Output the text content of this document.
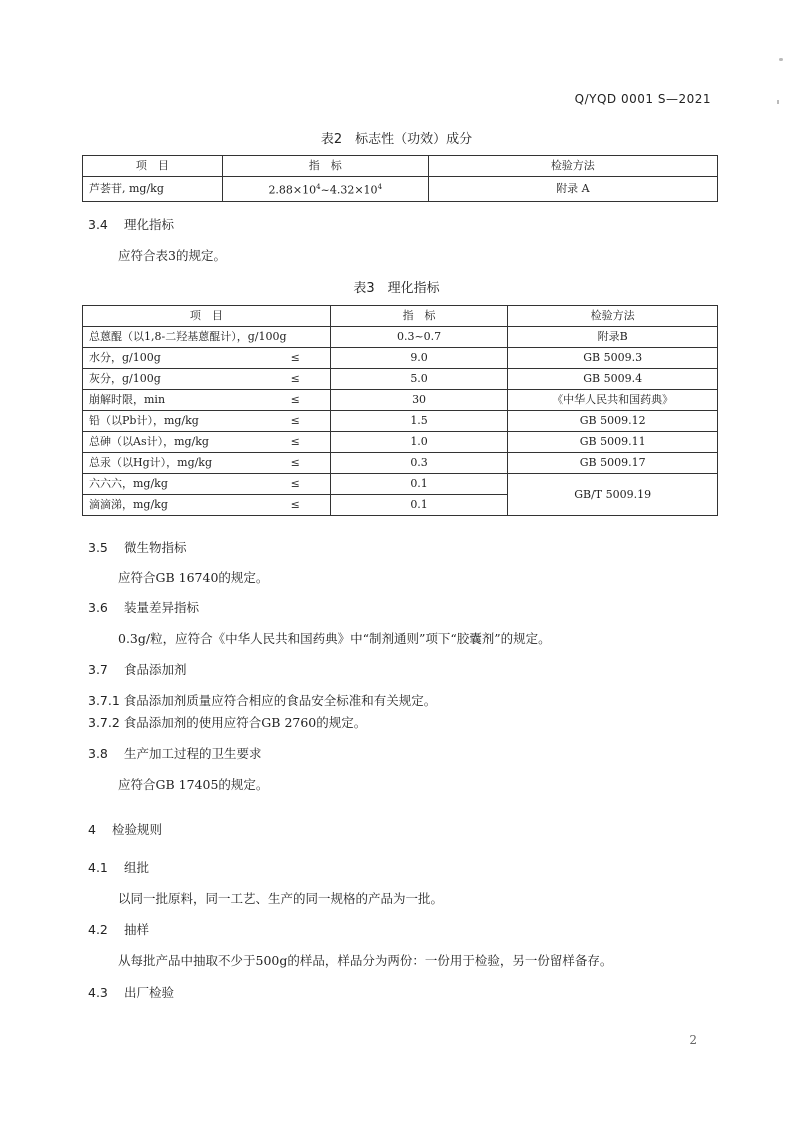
Q/YQD 0001 S—2021
表2　标志性（功效）成分
项　目	指　标	检验方法
芦荟苷, mg/kg	$2.88\times 10^4\sim 4.32\times 10^4$	附录 A
3.4 理化指标
应符合表3的规定。
表3　理化指标
项　目	指　标	检验方法
总蒽醌（以1,8-二羟基蒽醌计），g/100g	0.3~0.7	附录B
水分，g/100g ≤	9.0	GB 5009.3
灰分，g/100g ≤	5.0	GB 5009.4
崩解时限，min ≤	30	《中华人民共和国药典》
铅（以Pb计），mg/kg ≤	1.5	GB 5009.12
总砷（以As计），mg/kg ≤	1.0	GB 5009.11
总汞（以Hg计），mg/kg ≤	0.3	GB 5009.17
六六六，mg/kg ≤	0.1	GB/T 5009.19
滴滴涕，mg/kg ≤	0.1	
3.5 微生物指标
应符合GB 16740的规定。
3.6 装量差异指标
0.3g/粒，应符合《中华人民共和国药典》中“制剂通则”项下“胶囊剂”的规定。
3.7 食品添加剂
3.7.1 食品添加剂质量应符合相应的食品安全标准和有关规定。
3.7.2 食品添加剂的使用应符合GB 2760的规定。
3.8 生产加工过程的卫生要求
应符合GB 17405的规定。
4 检验规则
4.1 组批
以同一批原料，同一工艺、生产的同一规格的产品为一批。
4.2 抽样
从每批产品中抽取不少于500g的样品，样品分为两份：一份用于检验，另一份留样备存。
4.3 出厂检验
2
